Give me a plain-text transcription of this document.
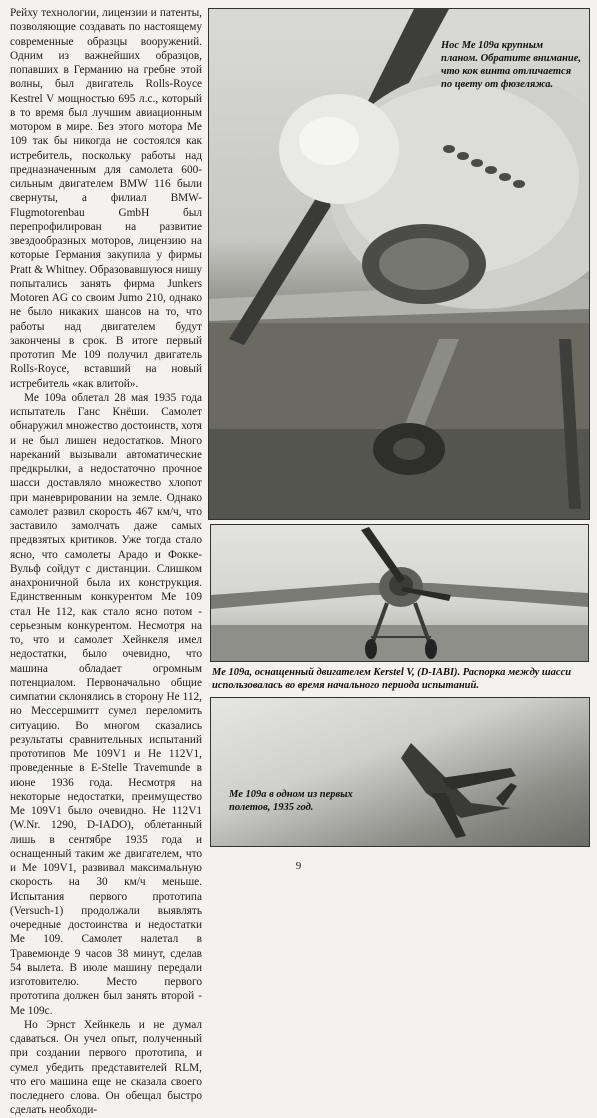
Рейху технологии, лицензии и патенты, позволяющие создавать по настоящему современные образцы вооружений. Одним из важнейших образцов, попавших в Германию на гребне этой волны, был двигатель Rolls-Royce Kestrel V мощностью 695 л.с., который в то время был лучшим авиационным мотором в мире. Без этого мотора Ме 109 так бы никогда не состоялся как истребитель, поскольку работы над предназначенным для самолета 600-сильным двигателем BMW 116 были свернуты, а филиал BMW-Flugmotorenbau GmbH был перепрофилирован на развитие звездообразных моторов, лицензию на которые Германия закупила у фирмы Pratt & Whitney. Образовавшуюся нишу попытались занять фирма Junkers Motoren AG со своим Jumo 210, однако не было никаких шансов на то, что работы над двигателем будут закончены в срок. В итоге первый прототип Ме 109 получил двигатель Rolls-Royce, вставший на новый истребитель «как влитой».

Ме 109а облетал 28 мая 1935 года испытатель Ганс Кнёши. Самолет обнаружил множество достоинств, хотя и не был лишен недостатков. Много нареканий вызывали автоматические предкрылки, а недостаточно прочное шасси доставляло множество хлопот при маневрировании на земле. Однако самолет развил скорость 467 км/ч, что заставило замолчать даже самых предвзятых критиков. Уже тогда стало ясно, что самолеты Арадо и Фокке-Вульф сойдут с дистанции. Слишком анахроничной была их конструкция. Единственным конкурентом Ме 109 стал Не 112, как стало ясно потом - серьезным конкурентом. Несмотря на то, что и самолет Хейнкеля имел недостатки, было очевидно, что машина обладает огромным потенциалом. Первоначально общие симпатии склонялись в сторону Не 112, но Мессершмитт сумел переломить ситуацию. Во многом сказались результаты сравнительных испытаний прототипов Ме 109V1 и Не 112V1, проведенные в Е-Stelle Travemunde в июне 1936 года. Несмотря на некоторые недостатки, преимущество Ме 109V1 было очевидно. Не 112V1 (W.Nr. 1290, D-IADO), облетанный лишь в сентябре 1935 года и оснащенный таким же двигателем, что и Ме 109V1, развивал максимальную скорость на 30 км/ч меньше. Испытания первого прототипа (Versuch-1) продолжали выявлять очередные достоинства и недостатки Ме 109. Самолет налетал в Травемюнде 9 часов 38 минут, сделав 54 вылета. В июле машину передали изготовителю. Место первого прототипа должен был занять второй - Ме 109с.

Но Эрнст Хейнкель и не думал сдаваться. Он учел опыт, полученный при создании первого прототипа, и сумел убедить представителей RLM, что его машина еще не сказала своего последнего слова. Он обещал быстро сделать необходи-

Нос Ме 109а крупным планом. Обратите внимание, что кок винта отличается по цвету от фюзеляжа.
Ме 109а, оснащенный двигателем Kerstel V, (D-IABI). Распорка между шасси использовалась во время начального периода испытаний.
Ме 109а в одном из первых полетов, 1935 год.
9
